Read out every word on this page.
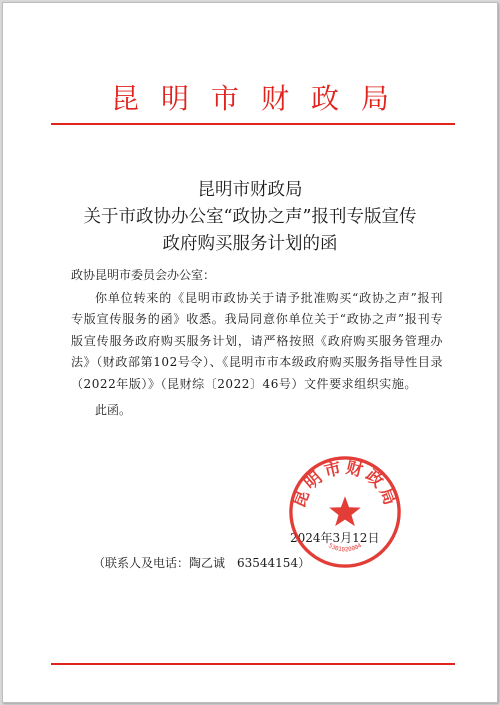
昆明市财政局
昆明市财政局
关于市政协办公室“政协之声”报刊专版宣传
政府购买服务计划的函

政协昆明市委员会办公室：

你单位转来的《昆明市政协关于请予批准购买“政协之声”报刊专版宣传服务的函》收悉。我局同意你单位关于“政协之声”报刊专版宣传服务政府购买服务计划，请严格按照《政府购买服务管理办法》（财政部第102号令）、《昆明市市本级政府购买服务指导性目录（2022年版）》（昆财综〔2022〕46号）文件要求组织实施。

此函。

2024年3月12日
（联系人及电话：陶乙诚　63544154）
昆明市财政局
5301020004
